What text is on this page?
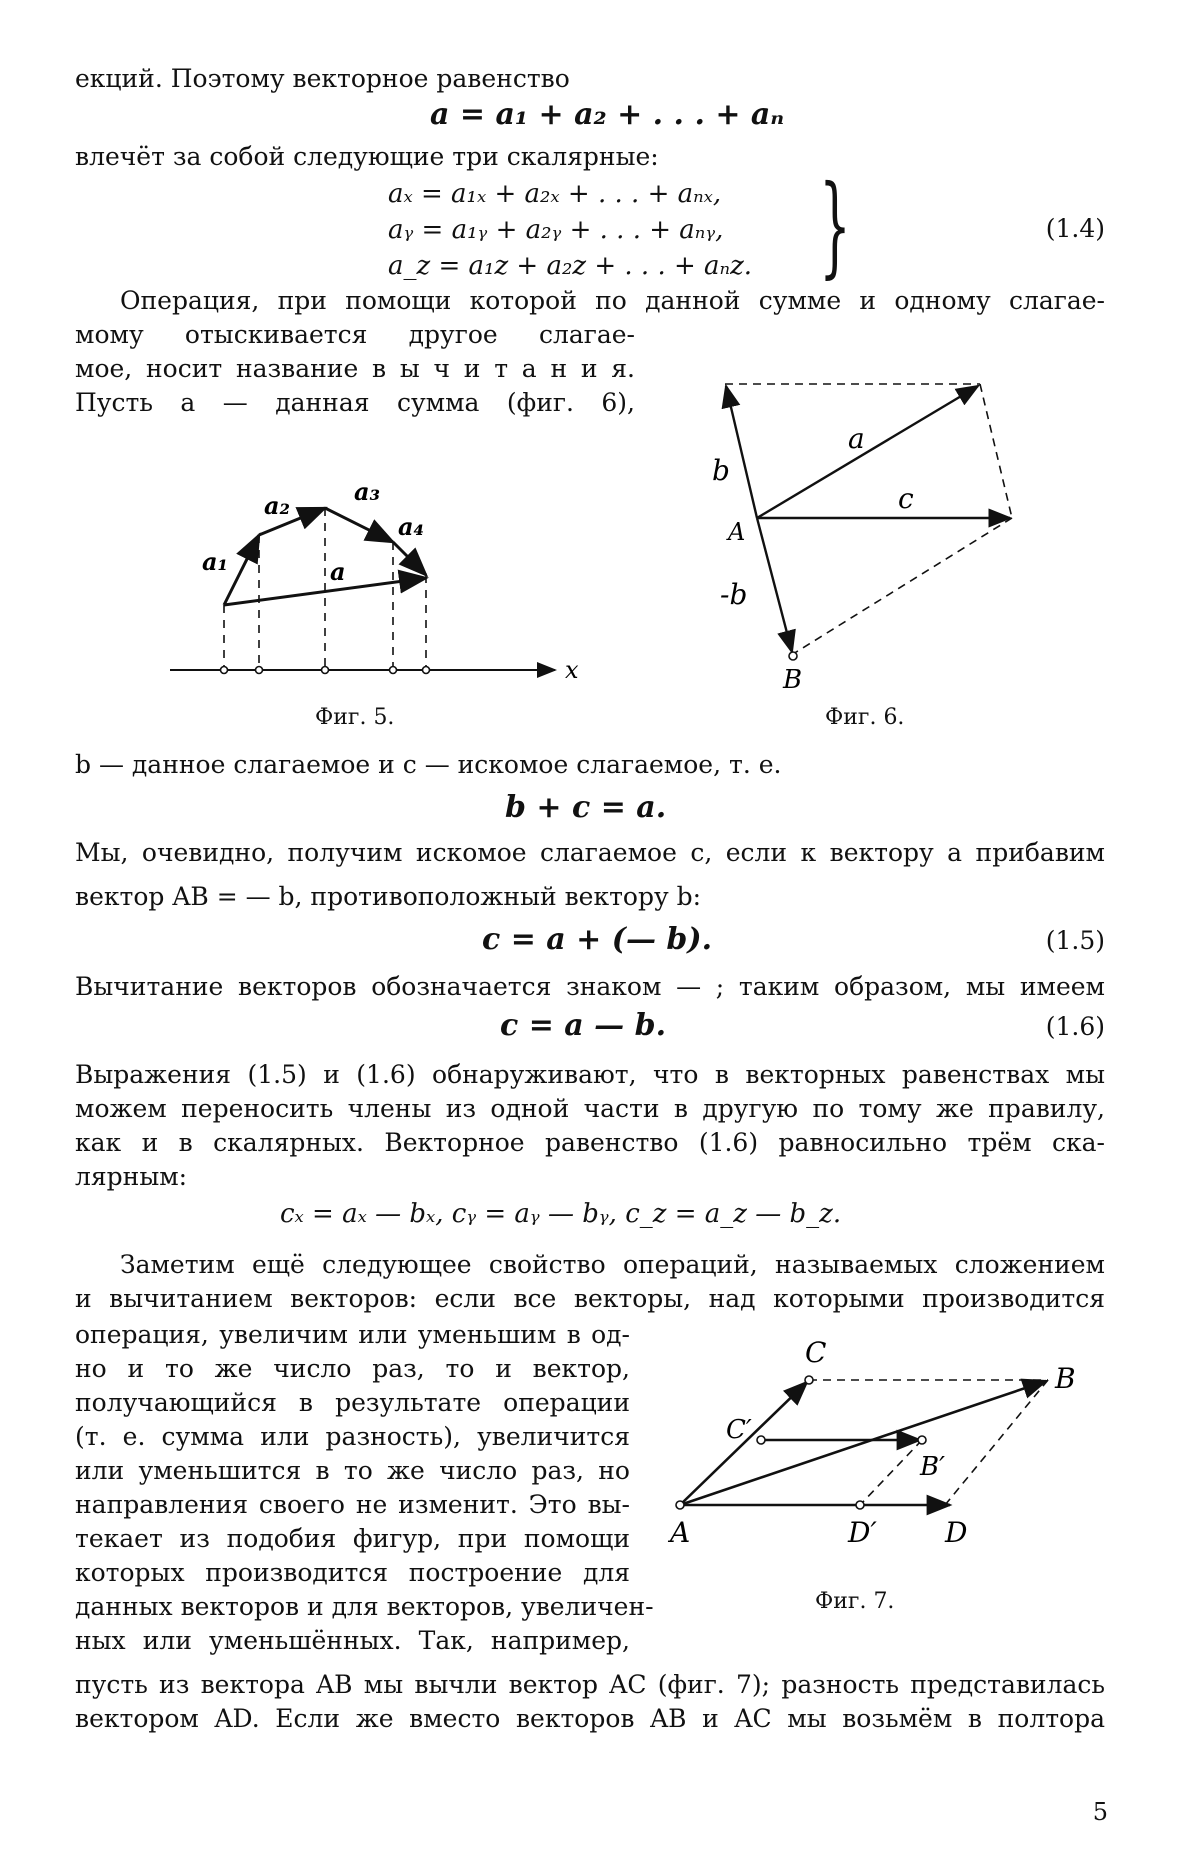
екций. Поэтому векторное равенство
a = a₁ + a₂ + . . . + aₙ
влечёт за собой следующие три скалярные:
aₓ = a₁ₓ + a₂ₓ + . . . + aₙₓ,
aᵧ = a₁ᵧ + a₂ᵧ + . . . + aₙᵧ,
a_z = a₁z + a₂z + . . . + aₙz. }	(1.4)
Операция, при помощи которой по данной сумме и одному слагае-
мому отыскивается другое слагае-
мое, носит название в ы ч и т а н и я.
Пусть a — данная сумма (фиг. 6),
a₁
a₂	a₃
a₄
a
x
Фиг. 5.
a
b
c
A
-b
B
Фиг. 6.
b — данное слагаемое и c — искомое слагаемое, т. е.
b + c = a.
Мы, очевидно, получим искомое слагаемое c, если к вектору a прибавим
вектор AB = — b, противоположный вектору b:
c = a + (— b).	(1.5)
Вычитание векторов обозначается знаком — ; таким образом, мы имеем
c = a — b.	(1.6)
Выражения (1.5) и (1.6) обнаруживают, что в векторных равенствах мы
можем переносить члены из одной части в другую по тому же правилу,
как и в скалярных. Векторное равенство (1.6) равносильно трём ска-
лярным:
cₓ = aₓ — bₓ, cᵧ = aᵧ — bᵧ, c_z = a_z — b_z.
Заметим ещё следующее свойство операций, называемых сложением
и вычитанием векторов: если все векторы, над которыми производится
операция, увеличим или уменьшим в од-
но и то же число раз, то и вектор,
получающийся в результате операции
(т. е. сумма или разность), увеличится
или уменьшится в то же число раз, но
направления своего не изменит. Это вы-
текает из подобия фигур, при помощи
которых производится построение для
данных векторов и для векторов, увеличен-
ных или уменьшённых. Так, например,
A
C
B
C′
B′
D′ D
Фиг. 7.
пусть из вектора AB мы вычли вектор AC (фиг. 7); разность представилась
вектором AD. Если же вместо векторов AB и AC мы возьмём в полтора
5
